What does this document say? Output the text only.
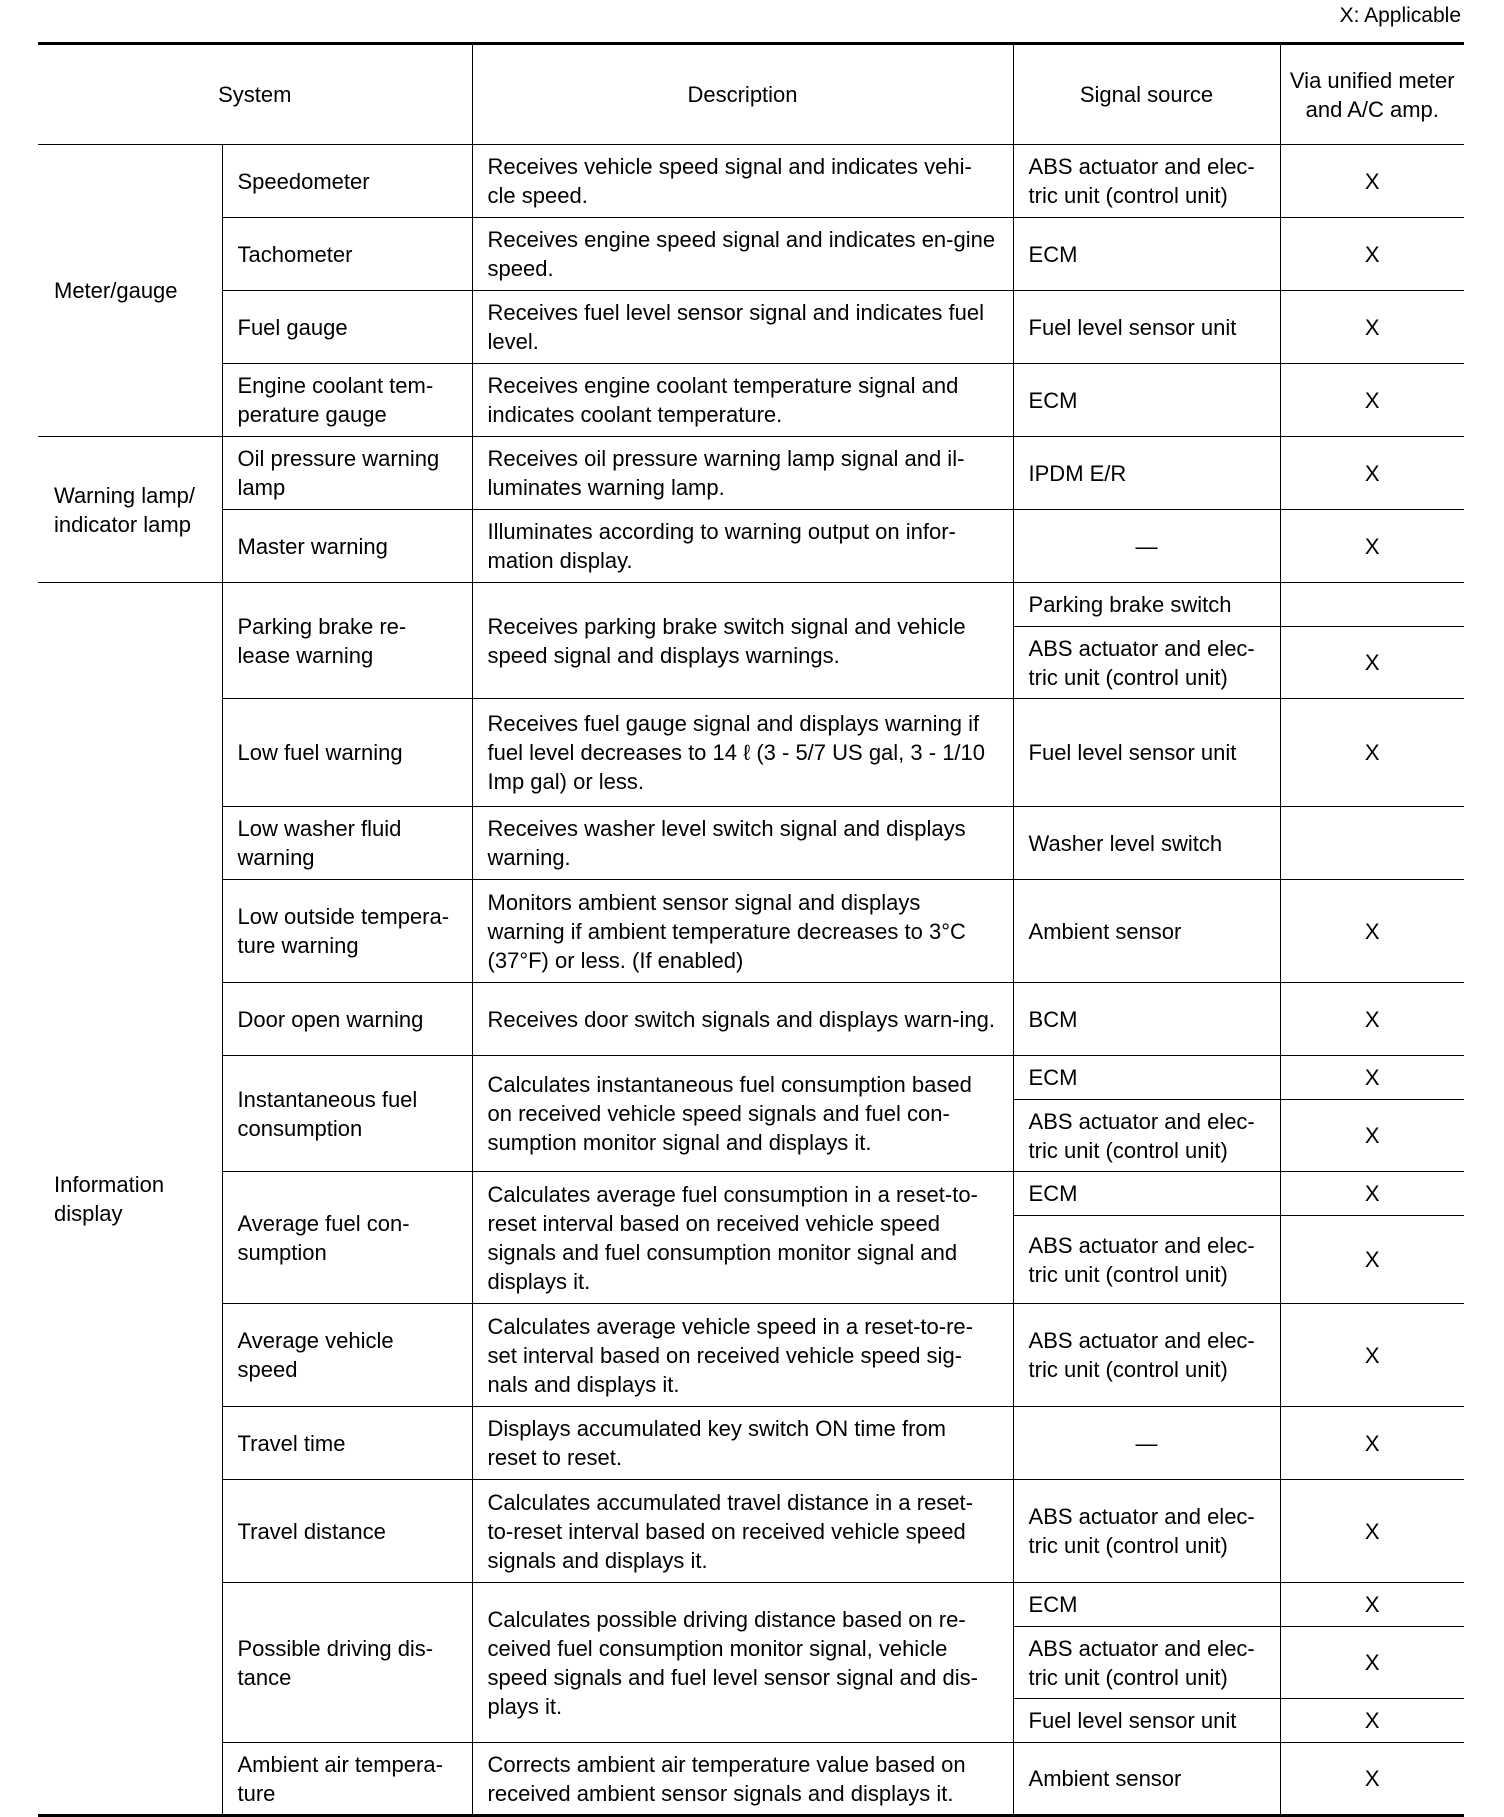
X: Applicable
System		Description	Signal source	Via unified meter and A/C amp.
Meter/gauge	Speedometer	Receives vehicle speed signal and indicates vehi-cle speed.	ABS actuator and elec-tric unit (control unit)	X
	Tachometer	Receives engine speed signal and indicates en-gine speed.	ECM	X
	Fuel gauge	Receives fuel level sensor signal and indicates fuel level.	Fuel level sensor unit	X
	Engine coolant tem-perature gauge	Receives engine coolant temperature signal and indicates coolant temperature.	ECM	X
Warning lamp/ indicator lamp	Oil pressure warning lamp	Receives oil pressure warning lamp signal and il-luminates warning lamp.	IPDM E/R	X
	Master warning	Illuminates according to warning output on infor-mation display.	—	X
Information display	Parking brake re-lease warning	Receives parking brake switch signal and vehicle speed signal and displays warnings.	Parking brake switch	
			ABS actuator and elec-tric unit (control unit)	X
	Low fuel warning	Receives fuel gauge signal and displays warning if fuel level decreases to 14 ℓ (3 - 5/7 US gal, 3 - 1/10 Imp gal) or less.	Fuel level sensor unit	X
	Low washer fluid warning	Receives washer level switch signal and displays warning.	Washer level switch	
	Low outside tempera-ture warning	Monitors ambient sensor signal and displays warning if ambient temperature decreases to 3°C (37°F) or less. (If enabled)	Ambient sensor	X
	Door open warning	Receives door switch signals and displays warn-ing.	BCM	X
	Instantaneous fuel consumption	Calculates instantaneous fuel consumption based on received vehicle speed signals and fuel con-sumption monitor signal and displays it.	ECM	X
			ABS actuator and elec-tric unit (control unit)	X
	Average fuel con-sumption	Calculates average fuel consumption in a reset-to-reset interval based on received vehicle speed signals and fuel consumption monitor signal and displays it.	ECM	X
			ABS actuator and elec-tric unit (control unit)	X
	Average vehicle speed	Calculates average vehicle speed in a reset-to-re-set interval based on received vehicle speed sig-nals and displays it.	ABS actuator and elec-tric unit (control unit)	X
	Travel time	Displays accumulated key switch ON time from reset to reset.	—	X
	Travel distance	Calculates accumulated travel distance in a reset-to-reset interval based on received vehicle speed signals and displays it.	ABS actuator and elec-tric unit (control unit)	X
	Possible driving dis-tance	Calculates possible driving distance based on re-ceived fuel consumption monitor signal, vehicle speed signals and fuel level sensor signal and dis-plays it.	ECM	X
			ABS actuator and elec-tric unit (control unit)	X
			Fuel level sensor unit	X
	Ambient air tempera-ture	Corrects ambient air temperature value based on received ambient sensor signals and displays it.	Ambient sensor	X
